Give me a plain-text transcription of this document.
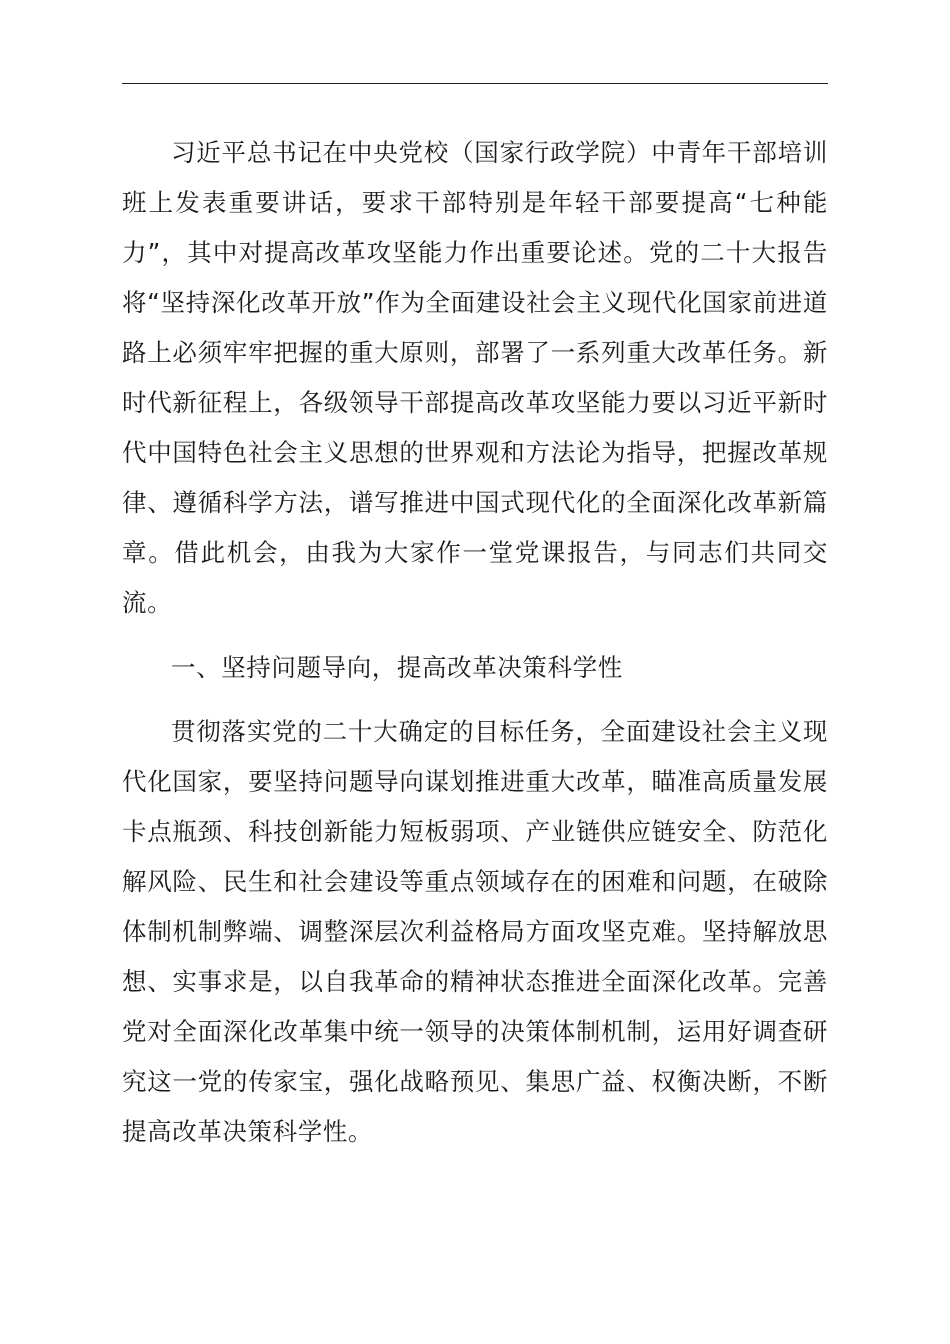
习近平总书记在中央党校（国家行政学院）中青年干部培训班上发表重要讲话，要求干部特别是年轻干部要提高“七种能力”，其中对提高改革攻坚能力作出重要论述。党的二十大报告将“坚持深化改革开放”作为全面建设社会主义现代化国家前进道路上必须牢牢把握的重大原则，部署了一系列重大改革任务。新时代新征程上，各级领导干部提高改革攻坚能力要以习近平新时代中国特色社会主义思想的世界观和方法论为指导，把握改革规律、遵循科学方法，谱写推进中国式现代化的全面深化改革新篇章。借此机会，由我为大家作一堂党课报告，与同志们共同交流。

一、坚持问题导向，提高改革决策科学性

贯彻落实党的二十大确定的目标任务，全面建设社会主义现代化国家，要坚持问题导向谋划推进重大改革，瞄准高质量发展卡点瓶颈、科技创新能力短板弱项、产业链供应链安全、防范化解风险、民生和社会建设等重点领域存在的困难和问题，在破除体制机制弊端、调整深层次利益格局方面攻坚克难。坚持解放思想、实事求是，以自我革命的精神状态推进全面深化改革。完善党对全面深化改革集中统一领导的决策体制机制，运用好调查研究这一党的传家宝，强化战略预见、集思广益、权衡决断，不断提高改革决策科学性。
